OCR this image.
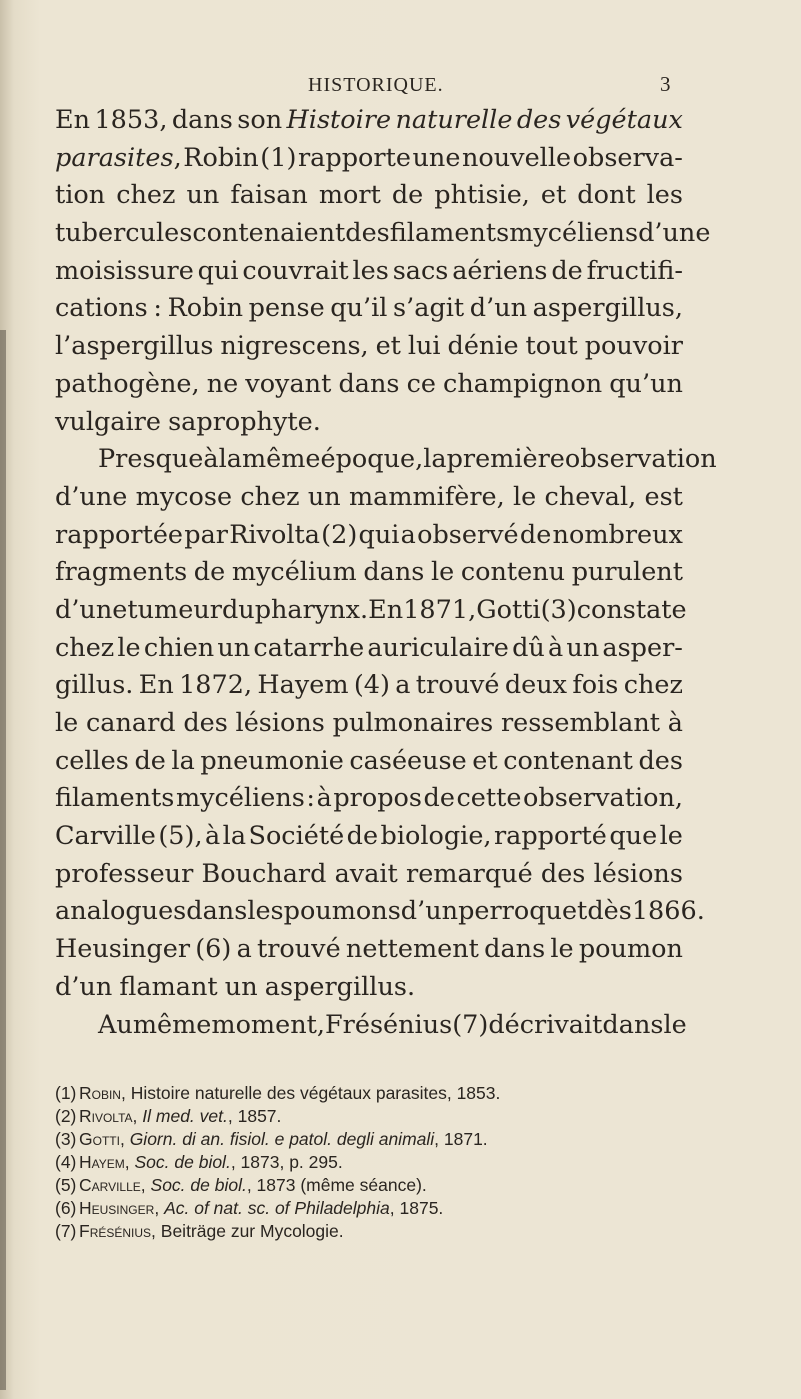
HISTORIQUE.	3
En 1853, dans son Histoire naturelle des végétaux
parasites, Robin (1) rapporte une nouvelle observa-
tion chez un faisan mort de phtisie, et dont les
tubercules contenaient des filaments mycéliens d’une
moisissure qui couvrait les sacs aériens de fructifi-
cations : Robin pense qu’il s’agit d’un aspergillus,
l’aspergillus nigrescens, et lui dénie tout pouvoir
pathogène, ne voyant dans ce champignon qu’un
vulgaire saprophyte.
Presque à la même époque, la première observation
d’une mycose chez un mammifère, le cheval, est
rapportée par Rivolta (2) qui a observé de nombreux
fragments de mycélium dans le contenu purulent
d’une tumeur du pharynx. En 1871, Gotti (3) constate
chez le chien un catarrhe auriculaire dû à un asper-
gillus. En 1872, Hayem (4) a trouvé deux fois chez
le canard des lésions pulmonaires ressemblant à
celles de la pneumonie caséeuse et contenant des
filaments mycéliens : à propos de cette observation,
Carville (5), à la Société de biologie, rapporté que le
professeur Bouchard avait remarqué des lésions
analogues dans les poumons d’un perroquet dès 1866.
Heusinger (6) a trouvé nettement dans le poumon
d’un flamant un aspergillus.
Au même moment, Frésénius (7) décrivait dans le
(1) Robin, Histoire naturelle des végétaux parasites, 1853.
(2) Rivolta, Il med. vet., 1857.
(3) Gotti, Giorn. di an. fisiol. e patol. degli animali, 1871.
(4) Hayem, Soc. de biol., 1873, p. 295.
(5) Carville, Soc. de biol., 1873 (même séance).
(6) Heusinger, Ac. of nat. sc. of Philadelphia, 1875.
(7) Frésénius, Beiträge zur Mycologie.
